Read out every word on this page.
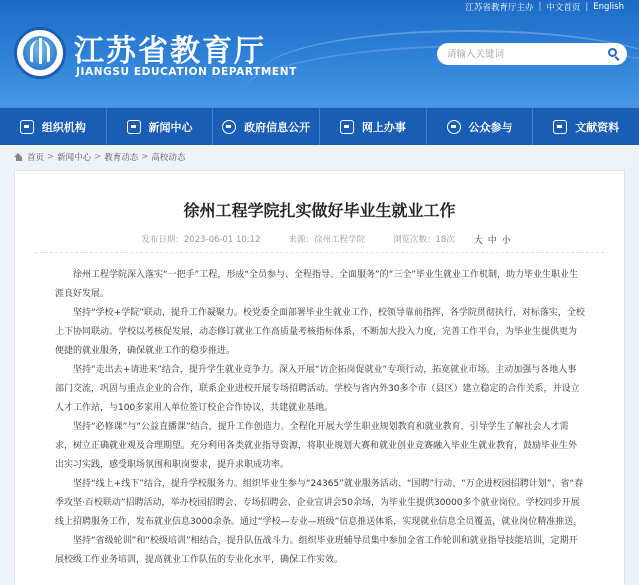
江苏省教育厅主办 | 中文首页 | English
江苏省教育厅
JIANGSU EDUCATION DEPARTMENT
请输入关键词
组织机构	新闻中心	政府信息公开	网上办事	公众参与	文献资料
首页 > 新闻中心 > 教育动态 > 高校动态
徐州工程学院扎实做好毕业生就业工作
发布日期：2023-06-01 10:12	来源：徐州工程学院	浏览次数：18次 大 中 小

徐州工程学院深入落实“一把手”工程，形成“全员参与、全程指导、全面服务”的“三全”毕业生就业工作机制，助力毕业生职业生涯良好发展。

坚持“学校+学院”联动，提升工作凝聚力。校党委全面部署毕业生就业工作，校领导靠前指挥，各学院贯彻执行，对标落实，全校上下协同联动。学校以考核促发展，动态修订就业工作高质量考核指标体系，不断加大投入力度，完善工作平台，为毕业生提供更为便捷的就业服务，确保就业工作的稳步推进。

坚持“走出去+请进来”结合，提升学生就业竞争力。深入开展“访企拓岗促就业”专项行动，拓宽就业市场。主动加强与各地人事部门交流，巩固与重点企业的合作，联系企业进校开展专场招聘活动。学校与省内外30多个市（县区）建立稳定的合作关系，并设立人才工作站，与100多家用人单位签订校企合作协议，共建就业基地。

坚持“必修课”与“公益直播课”结合，提升工作创造力。全程化开展大学生职业规划教育和就业教育，引导学生了解社会人才需求，树立正确就业观及合理期望。充分利用各类就业指导资源，将职业规划大赛和就业创业竞赛融入毕业生就业教育，鼓励毕业生外出实习实践，感受职场氛围和职岗要求，提升求职成功率。

坚持“线上+线下”结合，提升学校服务力。组织毕业生参与“24365”就业服务活动、“国聘”行动、“万企进校园招聘计划”、省“春季攻坚·百校联动”招聘活动，举办校园招聘会、专场招聘会、企业宣讲会50余场，为毕业生提供30000多个就业岗位。学校同步开展线上招聘服务工作，发布就业信息3000余条。通过“学校—专业—班级”信息推送体系，实现就业信息全员覆盖，就业岗位精准推送。

坚持“省级轮训”和“校级培训”相结合，提升队伍战斗力。组织毕业班辅导员集中参加全省工作轮训和就业指导技能培训，定期开展校级工作业务培训，提高就业工作队伍的专业化水平，确保工作实效。
